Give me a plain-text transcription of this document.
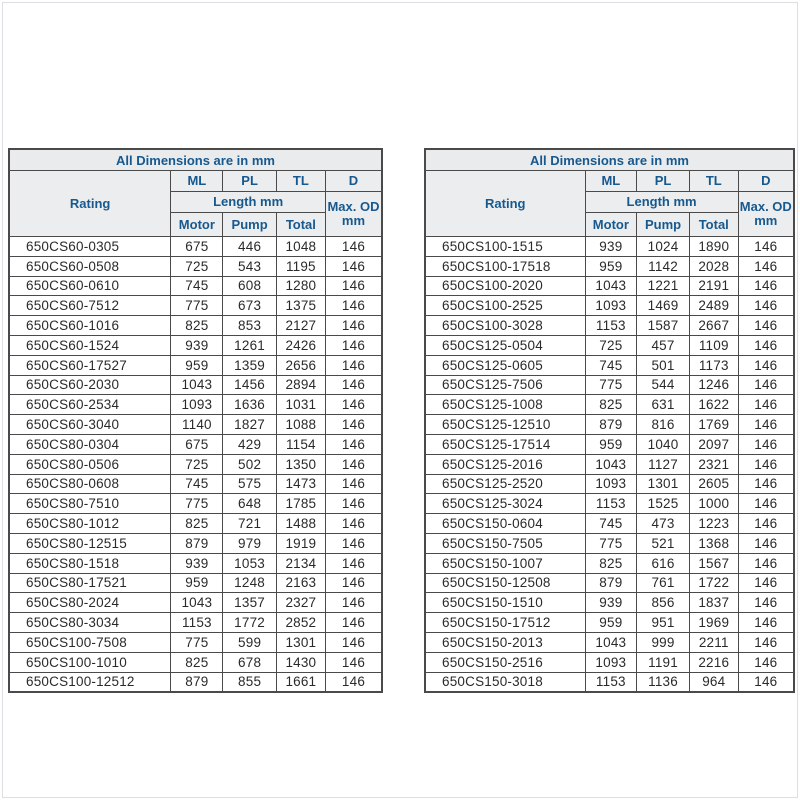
All Dimensions are in mm
Rating
ML	PL	TL	D
Length mm	Max. OD
mm
Motor	Pump	Total
650CS60-0305	675	446	1048	146
650CS60-0508	725	543	1195	146
650CS60-0610	745	608	1280	146
650CS60-7512	775	673	1375	146
650CS60-1016	825	853	2127	146
650CS60-1524	939	1261	2426	146
650CS60-17527	959	1359	2656	146
650CS60-2030	1043	1456	2894	146
650CS60-2534	1093	1636	1031	146
650CS60-3040	1140	1827	1088	146
650CS80-0304	675	429	1154	146
650CS80-0506	725	502	1350	146
650CS80-0608	745	575	1473	146
650CS80-7510	775	648	1785	146
650CS80-1012	825	721	1488	146
650CS80-12515	879	979	1919	146
650CS80-1518	939	1053	2134	146
650CS80-17521	959	1248	2163	146
650CS80-2024	1043	1357	2327	146
650CS80-3034	1153	1772	2852	146
650CS100-7508	775	599	1301	146
650CS100-1010	825	678	1430	146
650CS100-12512	879	855	1661	146
All Dimensions are in mm
Rating
ML	PL	TL	D
Length mm	Max. OD
mm
Motor	Pump	Total
650CS100-1515	939	1024	1890	146
650CS100-17518	959	1142	2028	146
650CS100-2020	1043	1221	2191	146
650CS100-2525	1093	1469	2489	146
650CS100-3028	1153	1587	2667	146
650CS125-0504	725	457	1109	146
650CS125-0605	745	501	1173	146
650CS125-7506	775	544	1246	146
650CS125-1008	825	631	1622	146
650CS125-12510	879	816	1769	146
650CS125-17514	959	1040	2097	146
650CS125-2016	1043	1127	2321	146
650CS125-2520	1093	1301	2605	146
650CS125-3024	1153	1525	1000	146
650CS150-0604	745	473	1223	146
650CS150-7505	775	521	1368	146
650CS150-1007	825	616	1567	146
650CS150-12508	879	761	1722	146
650CS150-1510	939	856	1837	146
650CS150-17512	959	951	1969	146
650CS150-2013	1043	999	2211	146
650CS150-2516	1093	1191	2216	146
650CS150-3018	1153	1136	964	146
